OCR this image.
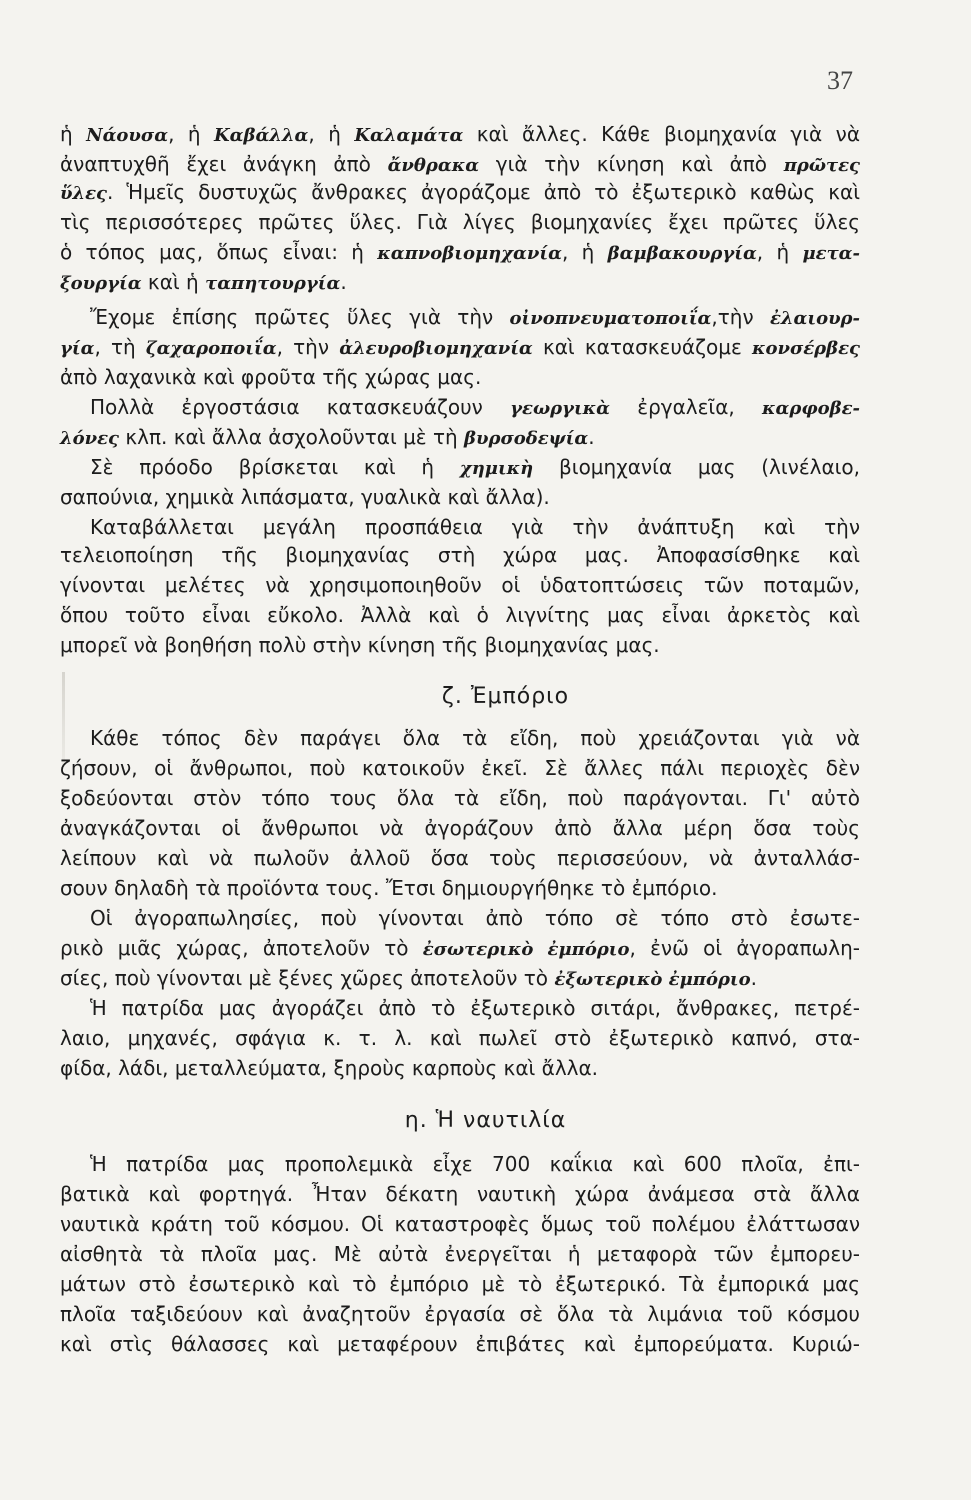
37
ζ. Ἐμπόριο
η. Ἡ ναυτιλία
ἡ Νάουσα, ἡ Καβάλλα, ἡ Καλαμάτα καὶ ἄλλες. Κάθε βιομηχανία γιὰ νὰ
ἀναπτυχθῆ ἔχει ἀνάγκη ἀπὸ ἄνθρακα γιὰ τὴν κίνηση καὶ ἀπὸ πρῶτες
ὕλες. Ἡμεῖς δυστυχῶς ἄνθρακες ἀγοράζομε ἀπὸ τὸ ἐξωτερικὸ καθὼς καὶ
τὶς περισσότερες πρῶτες ὕλες. Γιὰ λίγες βιομηχανίες ἔχει πρῶτες ὕλες
ὁ τόπος μας, ὅπως εἶναι: ἡ καπνοβιομηχανία, ἡ βαμβακουργία, ἡ μετα-
ξουργία καὶ ἡ ταπητουργία.
Ἔχομε ἐπίσης πρῶτες ὕλες γιὰ τὴν οἰνοπνευματοποιΐα,τὴν ἐλαιουρ-
γία, τὴ ζαχαροποιΐα, τὴν ἀλευροβιομηχανία καὶ κατασκευάζομε κονσέρβες
ἀπὸ λαχανικὰ καὶ φροῦτα τῆς χώρας μας.
Πολλὰ ἐργοστάσια κατασκευάζουν γεωργικὰ ἐργαλεῖα, καρφοβε-
λόνες κλπ. καὶ ἄλλα ἀσχολοῦνται μὲ τὴ βυρσοδεψία.
Σὲ πρόοδο βρίσκεται καὶ ἡ χημικὴ βιομηχανία μας (λινέλαιο,
σαπούνια, χημικὰ λιπάσματα, γυαλικὰ καὶ ἄλλα).
Καταβάλλεται μεγάλη προσπάθεια γιὰ τὴν ἀνάπτυξη καὶ τὴν
τελειοποίηση τῆς βιομηχανίας στὴ χώρα μας. Ἀποφασίσθηκε καὶ
γίνονται μελέτες νὰ χρησιμοποιηθοῦν οἱ ὑδατοπτώσεις τῶν ποταμῶν,
ὅπου τοῦτο εἶναι εὔκολο. Ἀλλὰ καὶ ὁ λιγνίτης μας εἶναι ἀρκετὸς καὶ
μπορεῖ νὰ βοηθήση πολὺ στὴν κίνηση τῆς βιομηχανίας μας.
Κάθε τόπος δὲν παράγει ὅλα τὰ εἴδη, ποὺ χρειάζονται γιὰ νὰ
ζήσουν, οἱ ἄνθρωποι, ποὺ κατοικοῦν ἐκεῖ. Σὲ ἄλλες πάλι περιοχὲς δὲν
ξοδεύονται στὸν τόπο τους ὅλα τὰ εἴδη, ποὺ παράγονται. Γι' αὐτὸ
ἀναγκάζονται οἱ ἄνθρωποι νὰ ἀγοράζουν ἀπὸ ἄλλα μέρη ὅσα τοὺς
λείπουν καὶ νὰ πωλοῦν ἀλλοῦ ὅσα τοὺς περισσεύουν, νὰ ἀνταλλάσ-
σουν δηλαδὴ τὰ προϊόντα τους. Ἔτσι δημιουργήθηκε τὸ ἐμπόριο.
Οἱ ἀγοραπωλησίες, ποὺ γίνονται ἀπὸ τόπο σὲ τόπο στὸ ἐσωτε-
ρικὸ μιᾶς χώρας, ἀποτελοῦν τὸ ἐσωτερικὸ ἐμπόριο, ἐνῶ οἱ ἀγοραπωλη-
σίες, ποὺ γίνονται μὲ ξένες χῶρες ἀποτελοῦν τὸ ἐξωτερικὸ ἐμπόριο.
Ἡ πατρίδα μας ἀγοράζει ἀπὸ τὸ ἐξωτερικὸ σιτάρι, ἄνθρακες, πετρέ-
λαιο, μηχανές, σφάγια κ. τ. λ. καὶ πωλεῖ στὸ ἐξωτερικὸ καπνό, στα-
φίδα, λάδι, μεταλλεύματα, ξηροὺς καρποὺς καὶ ἄλλα.
Ἡ πατρίδα μας προπολεμικὰ εἶχε 700 καΐκια καὶ 600 πλοῖα, ἐπι-
βατικὰ καὶ φορτηγά. Ἦταν δέκατη ναυτικὴ χώρα ἀνάμεσα στὰ ἄλλα
ναυτικὰ κράτη τοῦ κόσμου. Οἱ καταστροφὲς ὅμως τοῦ πολέμου ἐλάττωσαν
αἰσθητὰ τὰ πλοῖα μας. Μὲ αὐτὰ ἐνεργεῖται ἡ μεταφορὰ τῶν ἐμπορευ-
μάτων στὸ ἐσωτερικὸ καὶ τὸ ἐμπόριο μὲ τὸ ἐξωτερικό. Τὰ ἐμπορικά μας
πλοῖα ταξιδεύουν καὶ ἀναζητοῦν ἐργασία σὲ ὅλα τὰ λιμάνια τοῦ κόσμου
καὶ στὶς θάλασσες καὶ μεταφέρουν ἐπιβάτες καὶ ἐμπορεύματα. Κυριώ-
